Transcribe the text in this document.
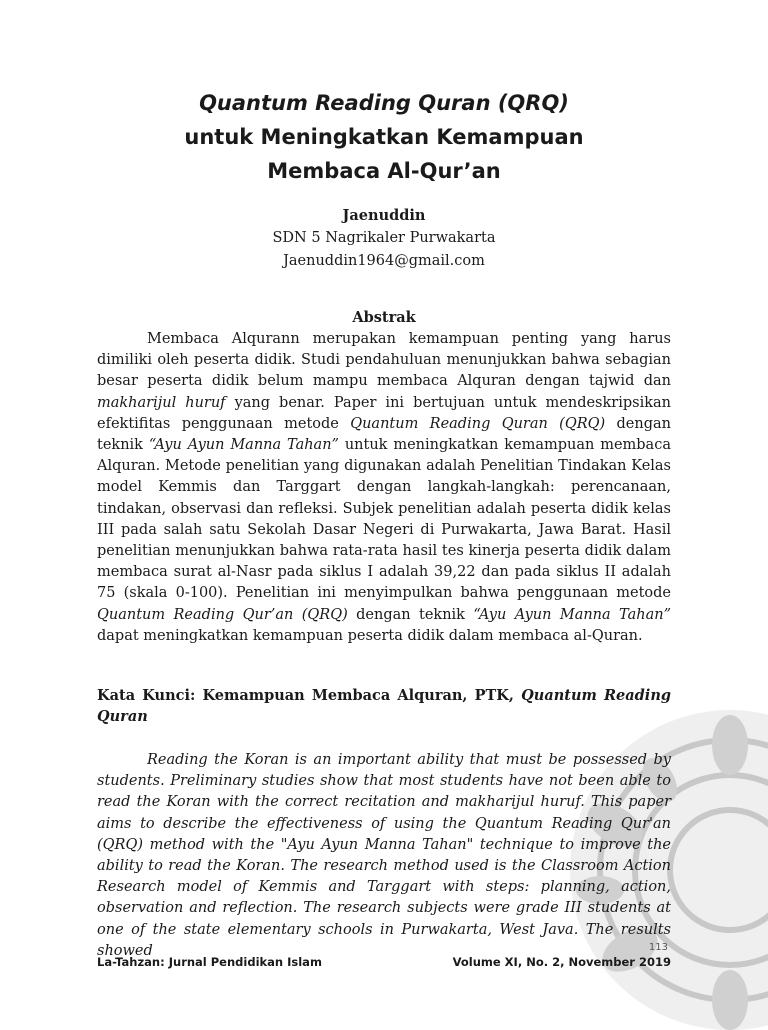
Quantum Reading Quran (QRQ)
untuk Meningkatkan Kemampuan
Membaca Al-Qur’an
Jaenuddin
SDN 5 Nagrikaler Purwakarta
Jaenuddin1964@gmail.com
Abstrak
Membaca Alqurann merupakan kemampuan penting yang harus dimiliki oleh peserta didik. Studi pendahuluan menunjukkan bahwa sebagian besar peserta didik belum mampu membaca Alquran dengan tajwid dan makharijul huruf yang benar. Paper ini bertujuan untuk mendeskripsikan efektifitas penggunaan metode Quantum Reading Quran (QRQ) dengan teknik “Ayu Ayun Manna Tahan” untuk meningkatkan kemampuan membaca Alquran. Metode penelitian yang digunakan adalah Penelitian Tindakan Kelas model Kemmis dan Targgart dengan langkah-langkah: perencanaan, tindakan, observasi dan refleksi. Subjek penelitian adalah peserta didik kelas III pada salah satu Sekolah Dasar Negeri di Purwakarta, Jawa Barat. Hasil penelitian menunjukkan bahwa rata-rata hasil tes kinerja peserta didik dalam membaca surat al-Nasr pada siklus I adalah 39,22 dan pada siklus II adalah 75 (skala 0-100). Penelitian ini menyimpulkan bahwa penggunaan metode Quantum Reading Qur’an (QRQ) dengan teknik “Ayu Ayun Manna Tahan” dapat meningkatkan kemampuan peserta didik dalam membaca al-Quran.
Kata Kunci: Kemampuan Membaca Alquran, PTK, Quantum Reading Quran
Reading the Koran is an important ability that must be possessed by students. Preliminary studies show that most students have not been able to read the Koran with the correct recitation and makharijul huruf. This paper aims to describe the effectiveness of using the Quantum Reading Qur'an (QRQ) method with the "Ayu Ayun Manna Tahan" technique to improve the ability to read the Koran. The research method used is the Classroom Action Research model of Kemmis and Targgart with steps: planning, action, observation and reflection. The research subjects were grade III students at one of the state elementary schools in Purwakarta, West Java. The results showed	113
La-Tahzan: Jurnal Pendidikan Islam	Volume XI, No. 2, November 2019
